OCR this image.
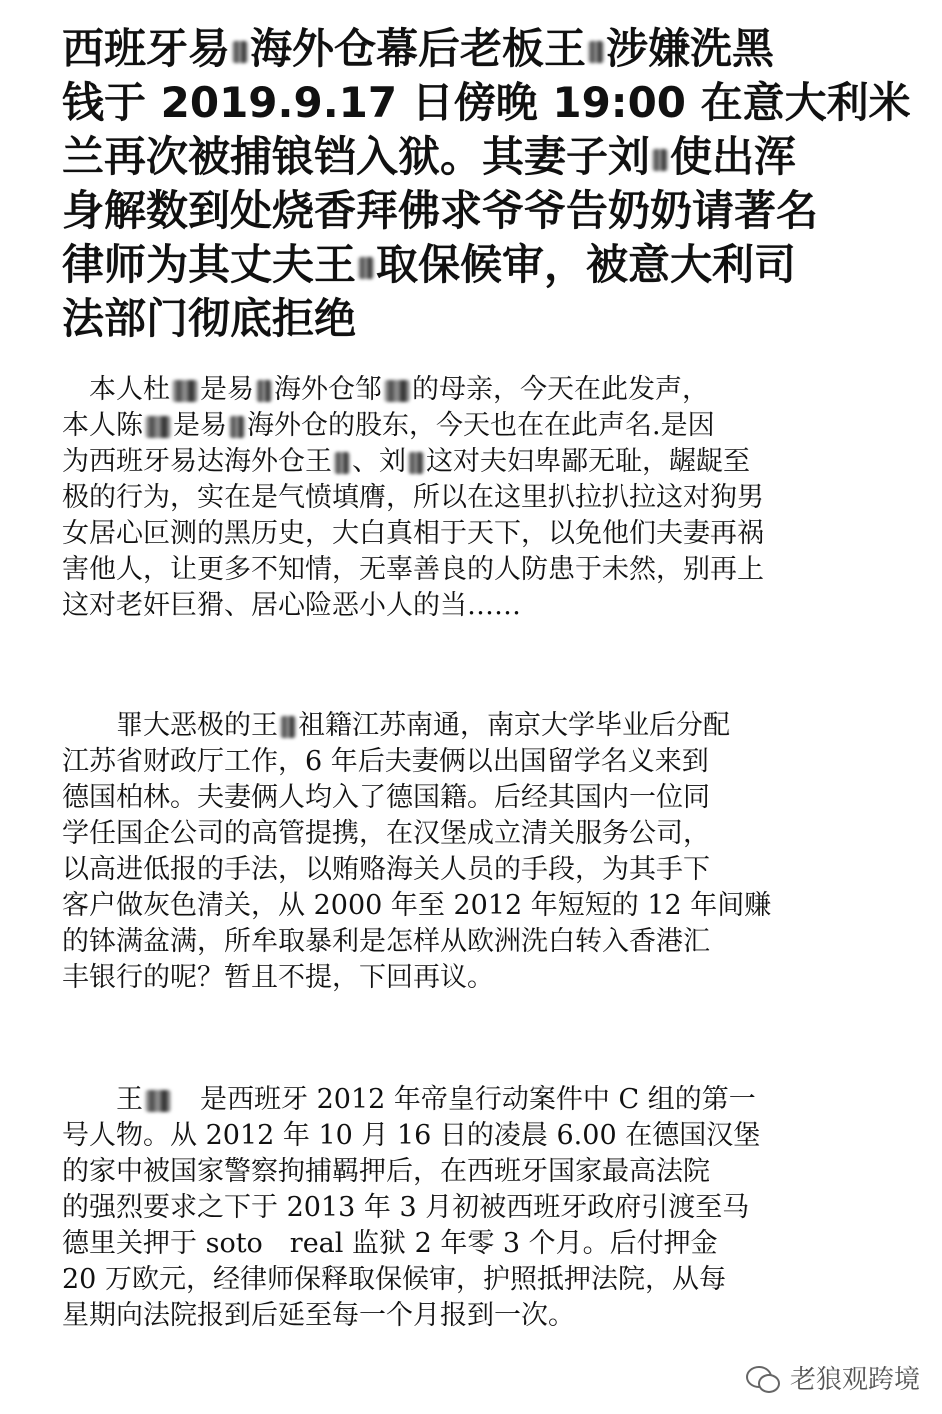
西班牙易 海外仓幕后老板王 涉嫌洗黑
钱于 2019.9.17 日傍晚 19:00 在意大利米
兰再次被捕锒铛入狱。其妻子刘 使出浑
身解数到处烧香拜佛求爷爷告奶奶请著名
律师为其丈夫王 取保候审，被意大利司
法部门彻底拒绝
　本人杜 是易 海外仓邹 的母亲，今天在此发声，
本人陈 是易 海外仓的股东，今天也在在此声名.是因
为西班牙易达海外仓王 、刘 这对夫妇卑鄙无耻，龌龊至
极的行为，实在是气愤填膺，所以在这里扒拉扒拉这对狗男
女居心叵测的黑历史，大白真相于天下，以免他们夫妻再祸
害他人，让更多不知情，无辜善良的人防患于未然，别再上
这对老奸巨猾、居心险恶小人的当……
　　罪大恶极的王 祖籍江苏南通，南京大学毕业后分配
江苏省财政厅工作，6 年后夫妻俩以出国留学名义来到
德国柏林。夫妻俩人均入了德国籍。后经其国内一位同
学任国企公司的高管提携，在汉堡成立清关服务公司，
以高进低报的手法，以贿赂海关人员的手段，为其手下
客户做灰色清关，从 2000 年至 2012 年短短的 12 年间赚
的钵满盆满，所牟取暴利是怎样从欧洲洗白转入香港汇
丰银行的呢？暂且不提，下回再议。
　　王　 是西班牙 2012 年帝皇行动案件中 C 组的第一
号人物。从 2012 年 10 月 16 日的凌晨 6.00 在德国汉堡
的家中被国家警察拘捕羁押后，在西班牙国家最高法院
的强烈要求之下于 2013 年 3 月初被西班牙政府引渡至马
德里关押于 soto　real 监狱 2 年零 3 个月。后付押金
20 万欧元，经律师保释取保候审，护照抵押法院，从每
星期向法院报到后延至每一个月报到一次。
老狼观跨境
